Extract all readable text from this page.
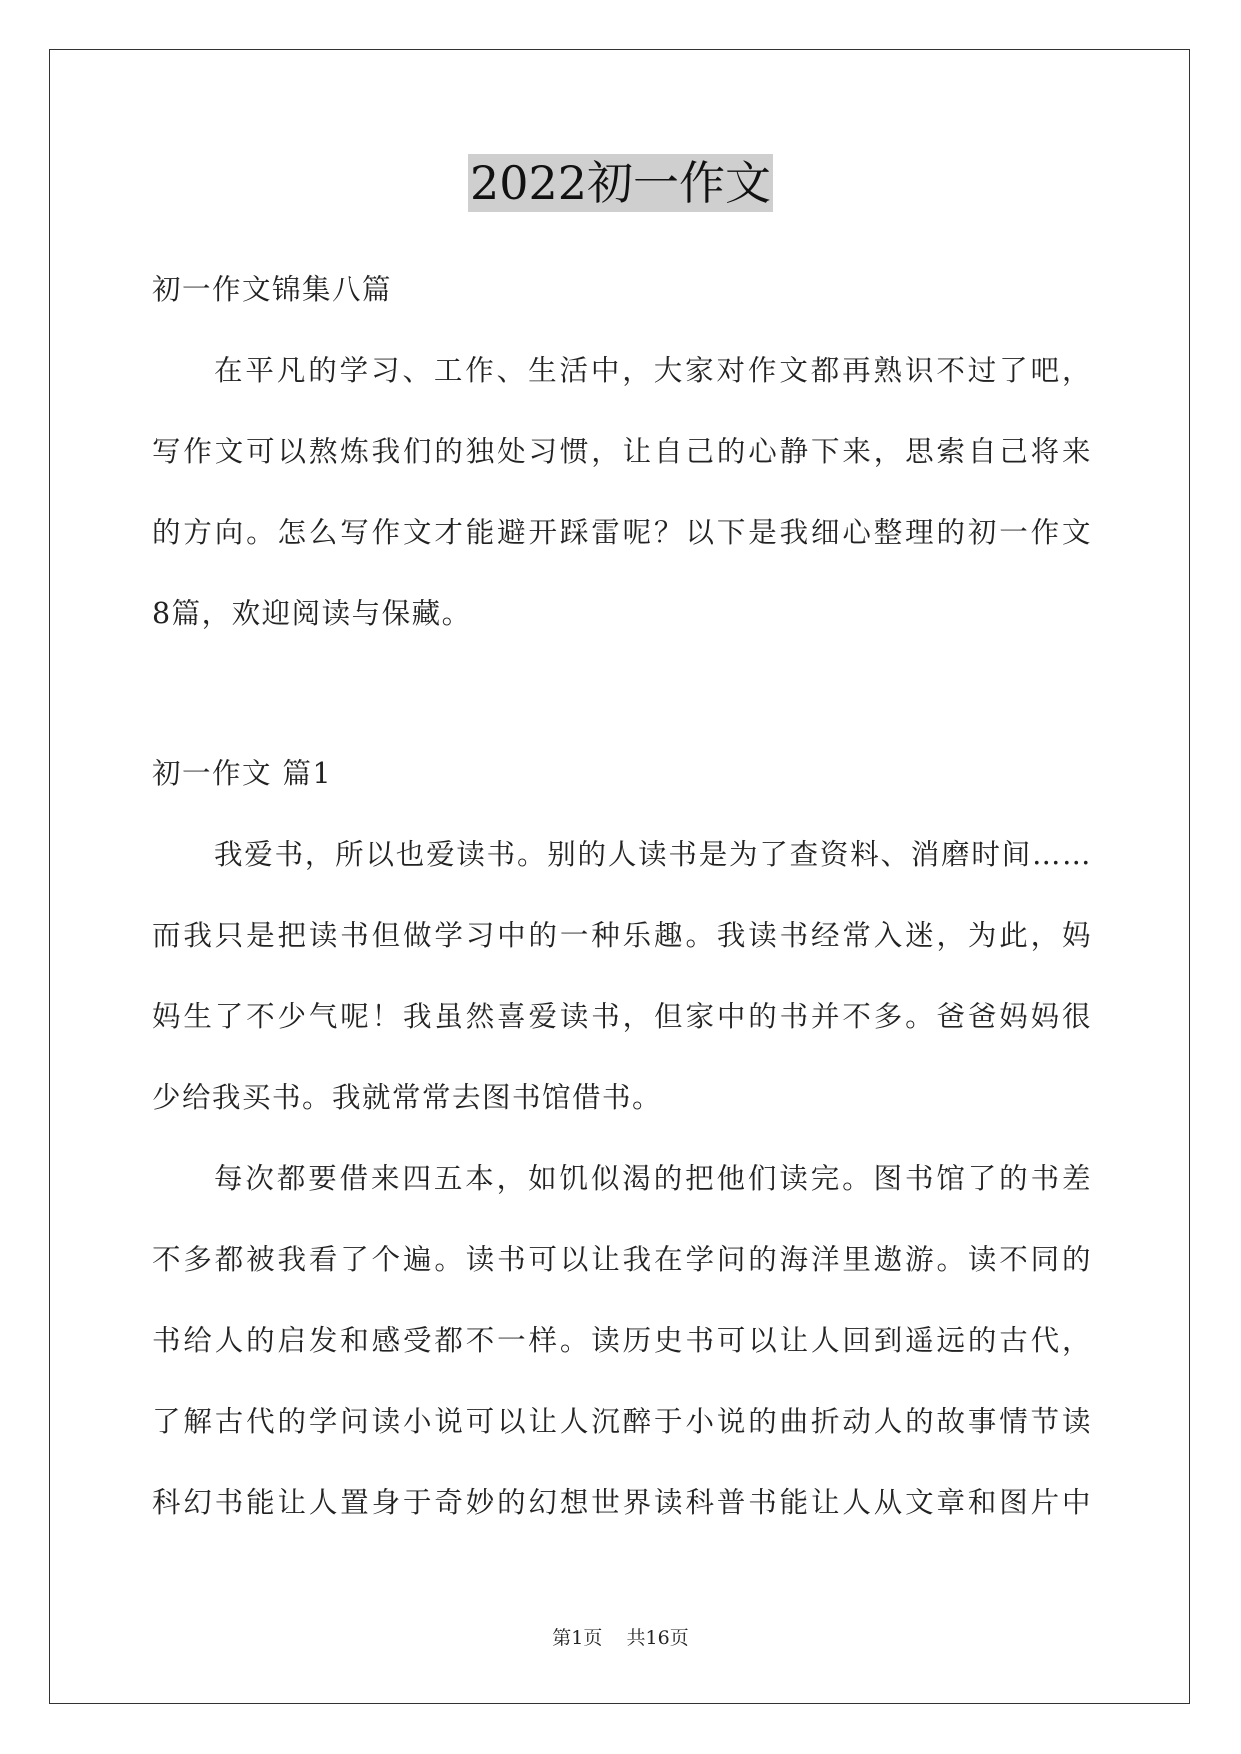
2022初一作文
初一作文锦集八篇
在平凡的学习、工作、生活中，大家对作文都再熟识不过了吧，
写作文可以熬炼我们的独处习惯，让自己的心静下来，思索自己将来
的方向。怎么写作文才能避开踩雷呢？以下是我细心整理的初一作文
8篇，欢迎阅读与保藏。
初一作文 篇1
我爱书，所以也爱读书。别的人读书是为了查资料、消磨时间……
而我只是把读书但做学习中的一种乐趣。我读书经常入迷，为此，妈
妈生了不少气呢！我虽然喜爱读书，但家中的书并不多。爸爸妈妈很
少给我买书。我就常常去图书馆借书。
每次都要借来四五本，如饥似渴的把他们读完。图书馆了的书差
不多都被我看了个遍。读书可以让我在学问的海洋里遨游。读不同的
书给人的启发和感受都不一样。读历史书可以让人回到遥远的古代，
了解古代的学问读小说可以让人沉醉于小说的曲折动人的故事情节读
科幻书能让人置身于奇妙的幻想世界读科普书能让人从文章和图片中
第1页    共16页
